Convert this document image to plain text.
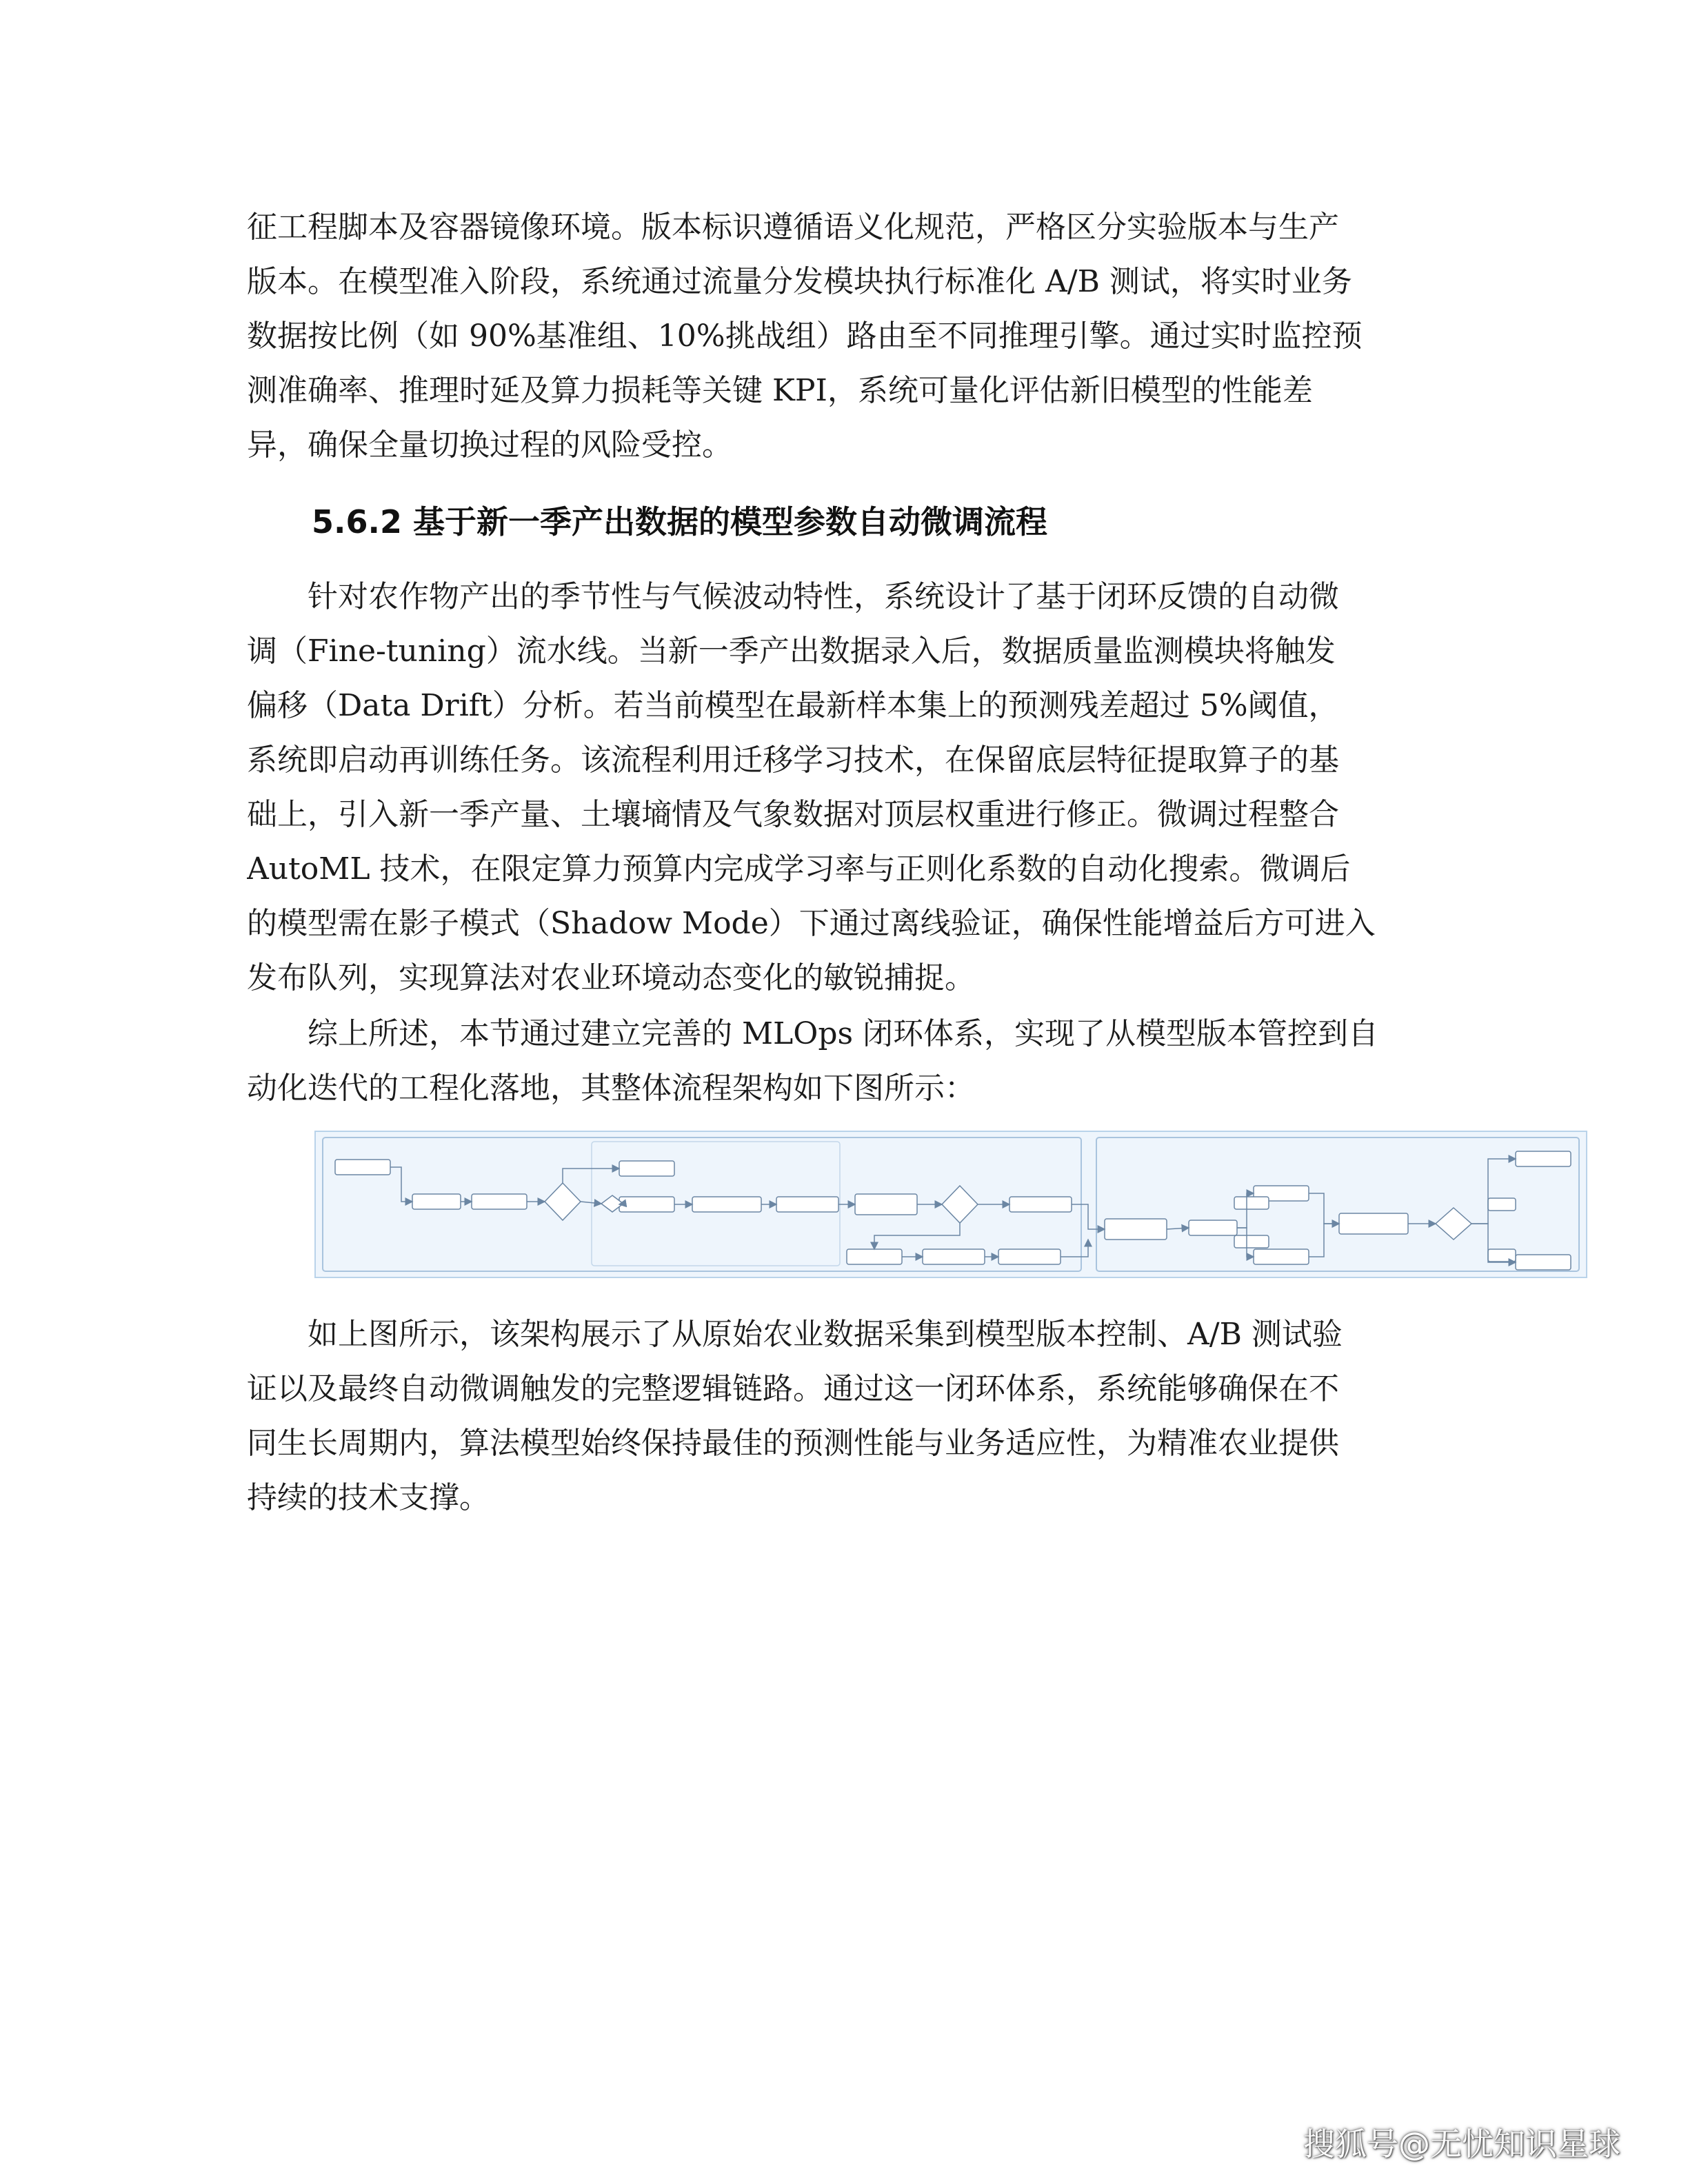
征工程脚本及容器镜像环境。版本标识遵循语义化规范，严格区分实验版本与生产
版本。在模型准入阶段，系统通过流量分发模块执行标准化 A/B 测试，将实时业务
数据按比例（如 90%基准组、10%挑战组）路由至不同推理引擎。通过实时监控预
测准确率、推理时延及算力损耗等关键 KPI，系统可量化评估新旧模型的性能差
异，确保全量切换过程的风险受控。

5.6.2 基于新一季产出数据的模型参数自动微调流程

　　针对农作物产出的季节性与气候波动特性，系统设计了基于闭环反馈的自动微
调（Fine-tuning）流水线。当新一季产出数据录入后，数据质量监测模块将触发
偏移（Data Drift）分析。若当前模型在最新样本集上的预测残差超过 5%阈值，
系统即启动再训练任务。该流程利用迁移学习技术，在保留底层特征提取算子的基
础上，引入新一季产量、土壤墒情及气象数据对顶层权重进行修正。微调过程整合
AutoML 技术，在限定算力预算内完成学习率与正则化系数的自动化搜索。微调后
的模型需在影子模式（Shadow Mode）下通过离线验证，确保性能增益后方可进入
发布队列，实现算法对农业环境动态变化的敏锐捕捉。

　　综上所述，本节通过建立完善的 MLOps 闭环体系，实现了从模型版本管控到自
动化迭代的工程化落地，其整体流程架构如下图所示：

　　如上图所示，该架构展示了从原始农业数据采集到模型版本控制、A/B 测试验
证以及最终自动微调触发的完整逻辑链路。通过这一闭环体系，系统能够确保在不
同生长周期内，算法模型始终保持最佳的预测性能与业务适应性，为精准农业提供
持续的技术支撑。

搜狐号@无忧知识星球
